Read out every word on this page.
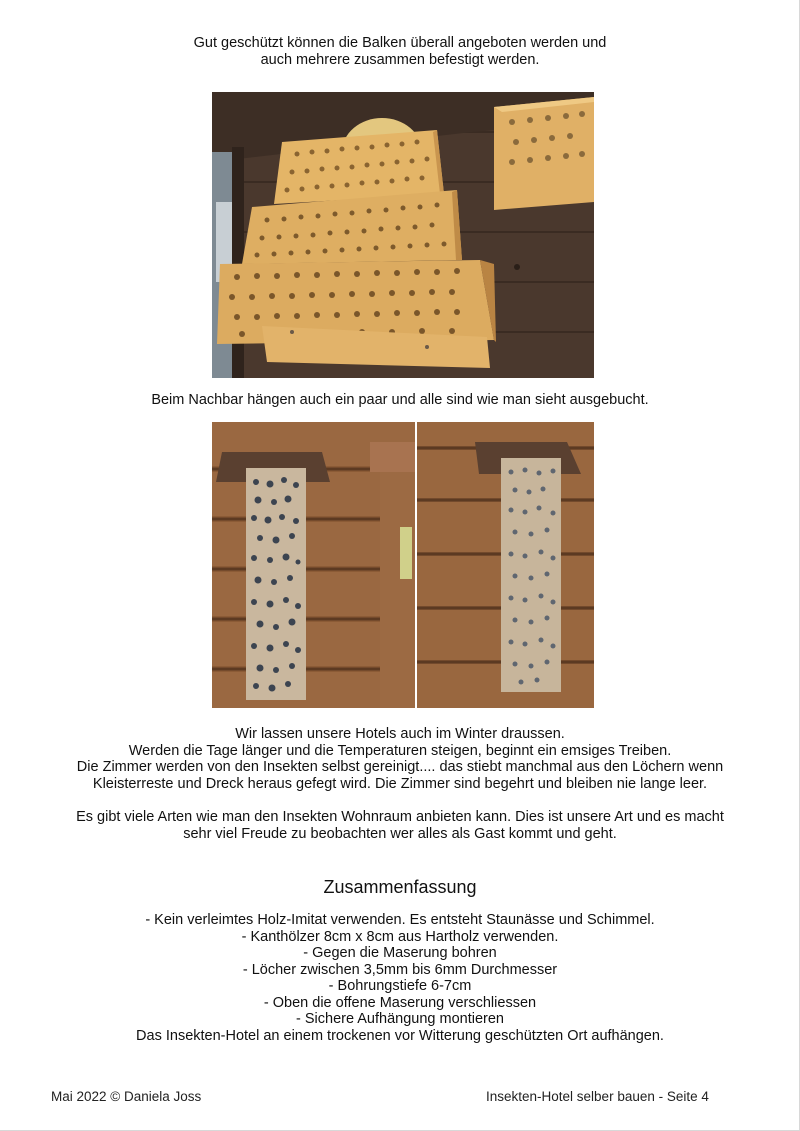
Gut geschützt können die Balken überall angeboten werden und
auch mehrere zusammen befestigt werden.
Beim Nachbar hängen auch ein paar und alle sind wie man sieht ausgebucht.
Wir lassen unsere Hotels auch im Winter draussen.
Werden die Tage länger und die Temperaturen steigen, beginnt ein emsiges Treiben.
Die Zimmer werden von den Insekten selbst gereinigt.... das stiebt manchmal aus den Löchern wenn
Kleisterreste und Dreck heraus gefegt wird. Die Zimmer sind begehrt und bleiben nie lange leer.
Es gibt viele Arten wie man den Insekten Wohnraum anbieten kann. Dies ist unsere Art und es macht
sehr viel Freude zu beobachten wer alles als Gast kommt und geht.
Zusammenfassung
- Kein verleimtes Holz-Imitat verwenden. Es entsteht Staunässe und Schimmel.
- Kanthölzer 8cm x 8cm aus Hartholz verwenden.
- Gegen die Maserung bohren
- Löcher zwischen 3,5mm bis 6mm Durchmesser
- Bohrungstiefe 6-7cm
- Oben die offene Maserung verschliessen
- Sichere Aufhängung montieren
Das Insekten-Hotel an einem trockenen vor Witterung geschützten Ort aufhängen.
Mai 2022 © Daniela Joss	Insekten-Hotel selber bauen - Seite 4
